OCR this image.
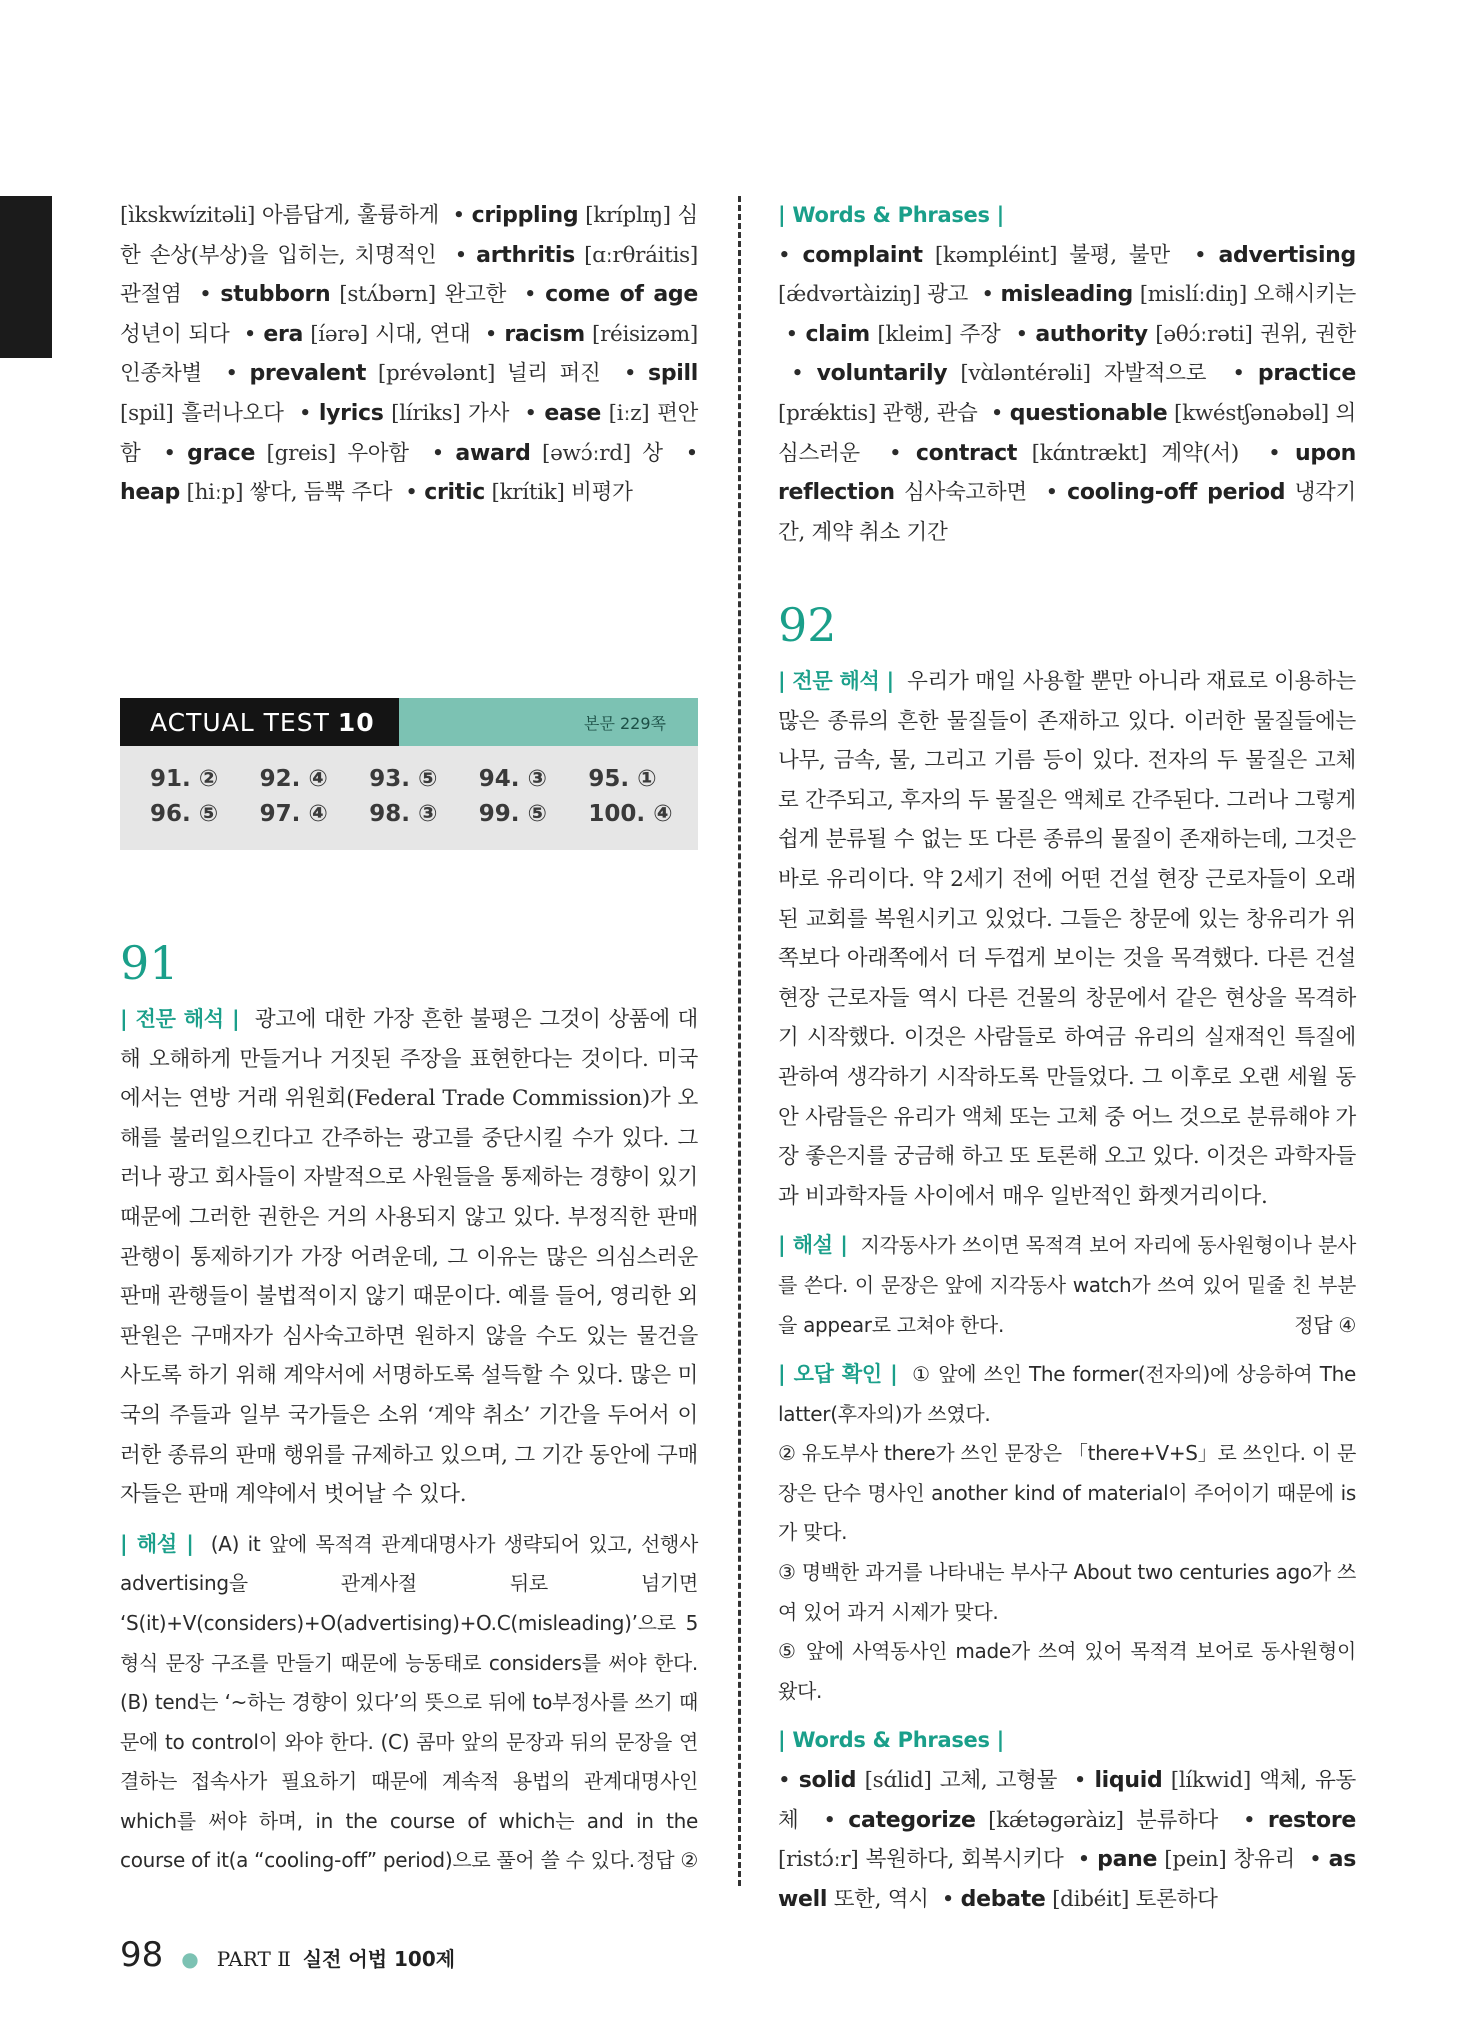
[ìkskwízitəli] 아름답게, 훌륭하게  • crippling [kríplɪŋ] 심한 손상(부상)을 입히는, 치명적인  • arthritis [ɑːrθráitis] 관절염  • stubborn [stʌ́bərn] 완고한  • come of age 성년이 되다  • era [íərə] 시대, 연대  • racism [réisizəm] 인종차별  • prevalent [prévələnt] 널리 퍼진  • spill [spil] 흘러나오다  • lyrics [líriks] 가사  • ease [iːz] 편안함  • grace [greis] 우아함  • award [əwɔ́ːrd] 상  • heap [hiːp] 쌓다, 듬뿍 주다  • critic [krítik] 비평가

ACTUAL TEST 10	본문 229쪽
91. ②	92. ④	93. ⑤	94. ③	95. ①
96. ⑤	97. ④	98. ③	99. ⑤	100. ④

91

| 전문 해석 | 광고에 대한 가장 흔한 불평은 그것이 상품에 대해 오해하게 만들거나 거짓된 주장을 표현한다는 것이다. 미국에서는 연방 거래 위원회(Federal Trade Commission)가 오해를 불러일으킨다고 간주하는 광고를 중단시킬 수가 있다. 그러나 광고 회사들이 자발적으로 사원들을 통제하는 경향이 있기 때문에 그러한 권한은 거의 사용되지 않고 있다. 부정직한 판매 관행이 통제하기가 가장 어려운데, 그 이유는 많은 의심스러운 판매 관행들이 불법적이지 않기 때문이다. 예를 들어, 영리한 외판원은 구매자가 심사숙고하면 원하지 않을 수도 있는 물건을 사도록 하기 위해 계약서에 서명하도록 설득할 수 있다. 많은 미국의 주들과 일부 국가들은 소위 ‘계약 취소’ 기간을 두어서 이러한 종류의 판매 행위를 규제하고 있으며, 그 기간 동안에 구매자들은 판매 계약에서 벗어날 수 있다.

| 해설 | (A) it 앞에 목적격 관계대명사가 생략되어 있고, 선행사 advertising을 관계사절 뒤로 넘기면 ‘S(it)+V(considers)+O(advertising)+O.C(misleading)’으로 5형식 문장 구조를 만들기 때문에 능동태로 considers를 써야 한다. (B) tend는 ‘~하는 경향이 있다’의 뜻으로 뒤에 to부정사를 쓰기 때문에 to control이 와야 한다. (C) 콤마 앞의 문장과 뒤의 문장을 연결하는 접속사가 필요하기 때문에 계속적 용법의 관계대명사인 which를 써야 하며, in the course of which는 and in the course of it(a “cooling-off” period)으로 풀어 쓸 수 있다. 정답 ②

| Words & Phrases |
• complaint [kəmpléint] 불평, 불만  • advertising [ǽdvərtàiziŋ] 광고  • misleading [mislíːdiŋ] 오해시키는  • claim [kleim] 주장  • authority [əθɔ́ːrəti] 권위, 권한  • voluntarily [vɑ̀ləntérəli] 자발적으로  • practice [prǽktis] 관행, 관습  • questionable [kwéstʃənəbəl] 의심스러운  • contract [kɑ́ntrækt] 계약(서)  • upon reflection 심사숙고하면  • cooling-off period 냉각기간, 계약 취소 기간

92

| 전문 해석 | 우리가 매일 사용할 뿐만 아니라 재료로 이용하는 많은 종류의 흔한 물질들이 존재하고 있다. 이러한 물질들에는 나무, 금속, 물, 그리고 기름 등이 있다. 전자의 두 물질은 고체로 간주되고, 후자의 두 물질은 액체로 간주된다. 그러나 그렇게 쉽게 분류될 수 없는 또 다른 종류의 물질이 존재하는데, 그것은 바로 유리이다. 약 2세기 전에 어떤 건설 현장 근로자들이 오래된 교회를 복원시키고 있었다. 그들은 창문에 있는 창유리가 위쪽보다 아래쪽에서 더 두껍게 보이는 것을 목격했다. 다른 건설 현장 근로자들 역시 다른 건물의 창문에서 같은 현상을 목격하기 시작했다. 이것은 사람들로 하여금 유리의 실재적인 특질에 관하여 생각하기 시작하도록 만들었다. 그 이후로 오랜 세월 동안 사람들은 유리가 액체 또는 고체 중 어느 것으로 분류해야 가장 좋은지를 궁금해 하고 또 토론해 오고 있다. 이것은 과학자들과 비과학자들 사이에서 매우 일반적인 화젯거리이다.

| 해설 | 지각동사가 쓰이면 목적격 보어 자리에 동사원형이나 분사를 쓴다. 이 문장은 앞에 지각동사 watch가 쓰여 있어 밑줄 친 부분을 appear로 고쳐야 한다.	정답 ④

| 오답 확인 | ① 앞에 쓰인 The former(전자의)에 상응하여 The latter(후자의)가 쓰였다.

② 유도부사 there가 쓰인 문장은 「there+V+S」로 쓰인다. 이 문장은 단수 명사인 another kind of material이 주어이기 때문에 is가 맞다.

③ 명백한 과거를 나타내는 부사구 About two centuries ago가 쓰여 있어 과거 시제가 맞다.

⑤ 앞에 사역동사인 made가 쓰여 있어 목적격 보어로 동사원형이 왔다.

| Words & Phrases |
• solid [sɑ́lid] 고체, 고형물  • liquid [líkwid] 액체, 유동체  • categorize [kǽtəgəràiz] 분류하다  • restore [ristɔ́ːr] 복원하다, 회복시키다  • pane [pein] 창유리  • as well 또한, 역시  • debate [dibéit] 토론하다

98 ● PART Ⅱ 실전 어법 100제
